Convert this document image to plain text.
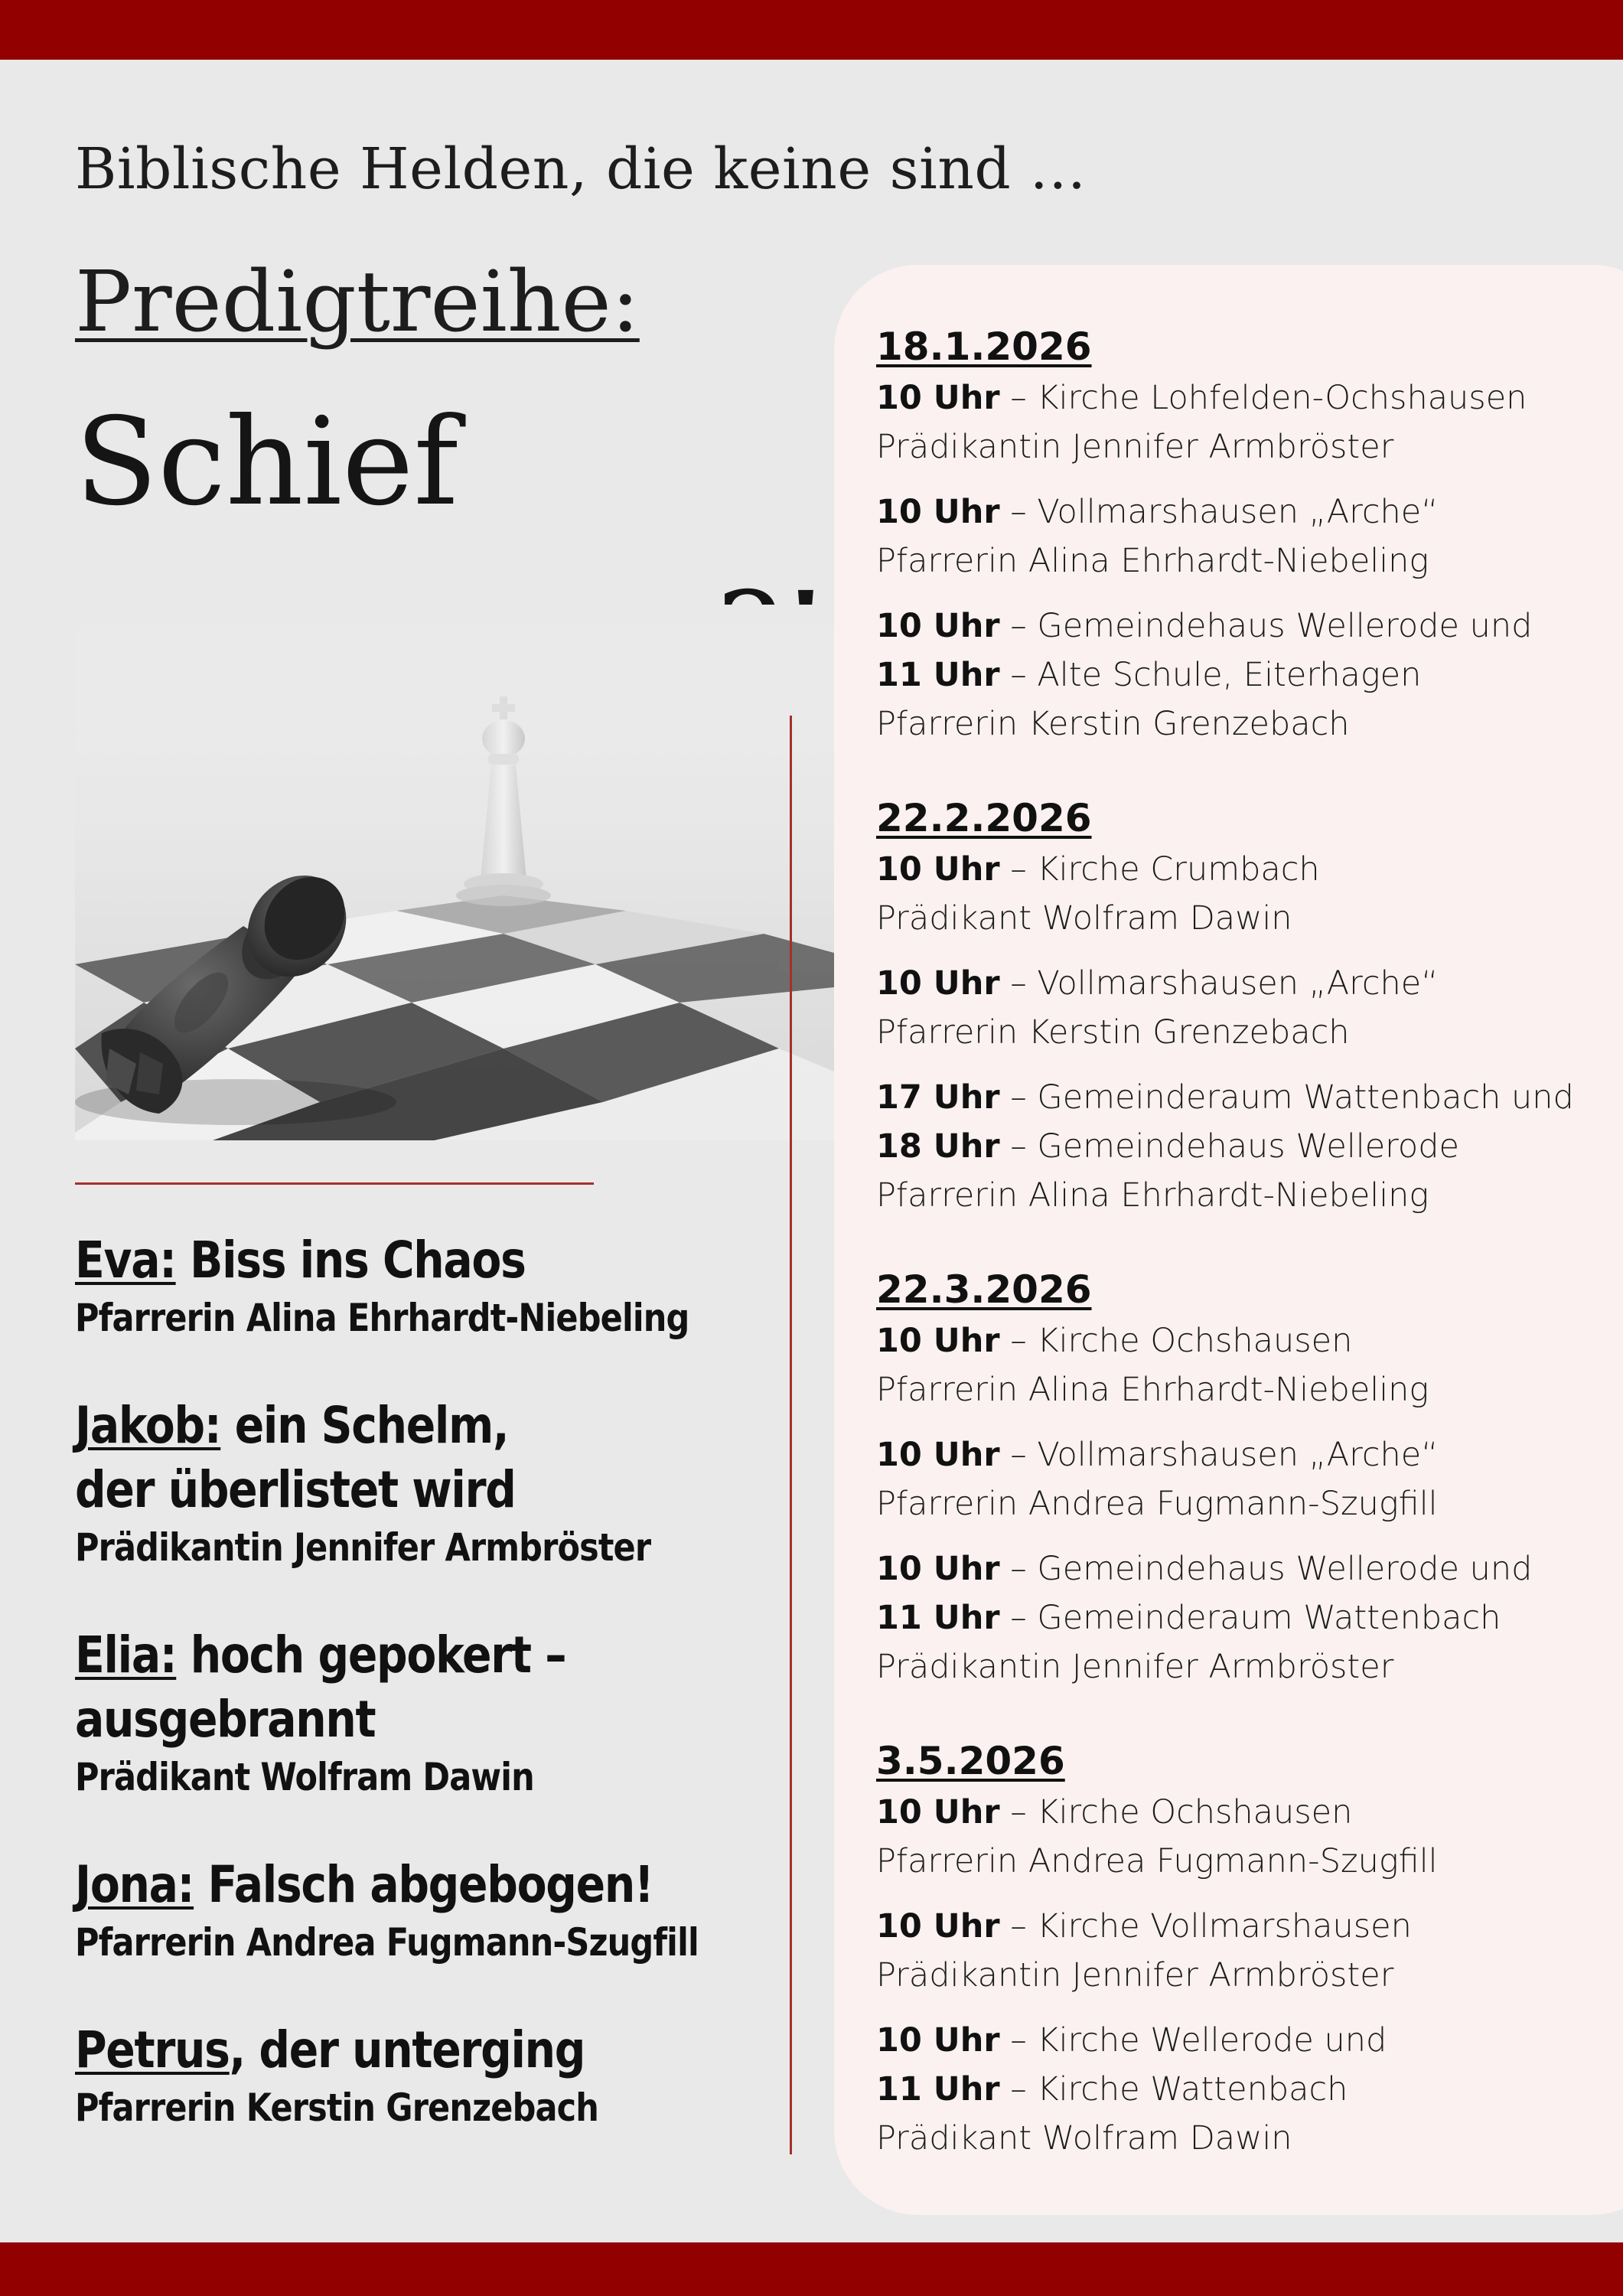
Biblische Helden, die keine sind …
Predigtreihe:
Schief
Eva: Biss ins Chaos
Pfarrerin Alina Ehrhardt-Niebeling
Jakob: ein Schelm, der überlistet wird
Prädikantin Jennifer Armbröster
Elia: hoch gepokert – ausgebrannt
Prädikant Wolfram Dawin
Jona: Falsch abgebogen!
Pfarrerin Andrea Fugmann-Szugfill
Petrus, der unterging
Pfarrerin Kerstin Grenzebach
18.1.2026
10 Uhr – Kirche Lohfelden-Ochshausen
Prädikantin Jennifer Armbröster
10 Uhr – Vollmarshausen „Arche“
Pfarrerin Alina Ehrhardt-Niebeling
10 Uhr – Gemeindehaus Wellerode und
11 Uhr – Alte Schule, Eiterhagen
Pfarrerin Kerstin Grenzebach
22.2.2026
10 Uhr – Kirche Crumbach
Prädikant Wolfram Dawin
10 Uhr – Vollmarshausen „Arche“
Pfarrerin Kerstin Grenzebach
17 Uhr – Gemeinderaum Wattenbach und
18 Uhr – Gemeindehaus Wellerode
Pfarrerin Alina Ehrhardt-Niebeling
22.3.2026
10 Uhr – Kirche Ochshausen
Pfarrerin Alina Ehrhardt-Niebeling
10 Uhr – Vollmarshausen „Arche“
Pfarrerin Andrea Fugmann-Szugfill
10 Uhr – Gemeindehaus Wellerode und
11 Uhr – Gemeinderaum Wattenbach
Prädikantin Jennifer Armbröster
3.5.2026
10 Uhr – Kirche Ochshausen
Pfarrerin Andrea Fugmann-Szugfill
10 Uhr – Kirche Vollmarshausen
Prädikantin Jennifer Armbröster
10 Uhr – Kirche Wellerode und
11 Uhr – Kirche Wattenbach
Prädikant Wolfram Dawin
